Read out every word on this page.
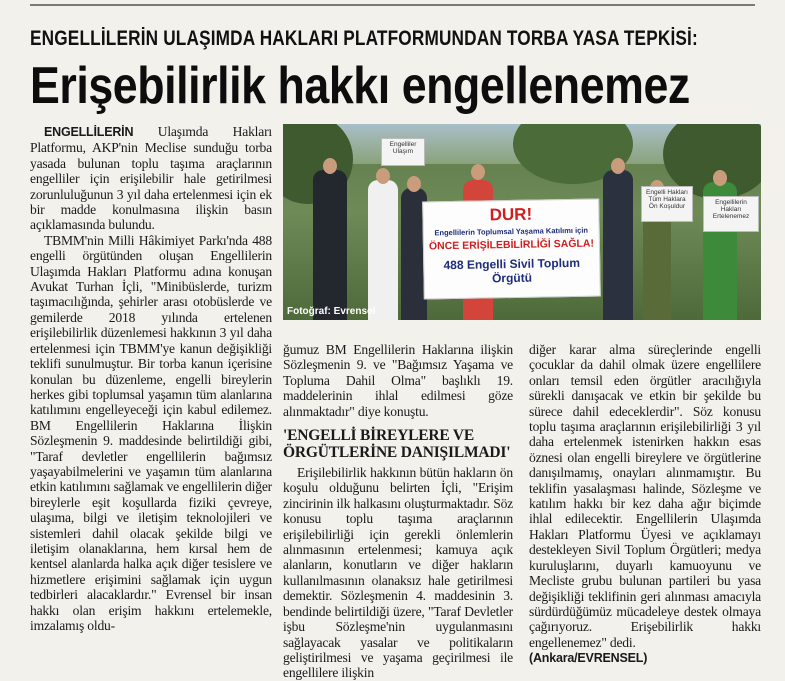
ENGELLİLERİN ULAŞIMDA HAKLARI PLATFORMUNDAN TORBA YASA TEPKİSİ:
Erişebilirlik hakkı engellenemez

ENGELLİLERİN Ulaşımda Hakları Platformu, AKP'nin Meclise sunduğu torba yasada bulunan toplu taşıma araçlarının engelliler için erişilebilir hale getirilmesi zorunluluğunun 3 yıl daha ertelenmesi için ek bir madde konulmasına ilişkin basın açıklamasında bulundu.

TBMM'nin Milli Hâkimiyet Parkı'nda 488 engelli örgütünden oluşan Engellilerin Ulaşımda Hakları Platformu adına konuşan Avukat Turhan İçli, "Minibüslerde, turizm taşımacılığında, şehirler arası otobüslerde ve gemilerde 2018 yılında ertelenen erişilebilirlik düzenlemesi hakkının 3 yıl daha ertelenmesi için TBMM'ye kanun değişikliği teklifi sunulmuştur. Bir torba kanun içerisine konulan bu düzenleme, engelli bireylerin herkes gibi toplumsal yaşamın tüm alanlarına katılımını engelleyeceği için kabul edilemez. BM Engellilerin Haklarına İlişkin Sözleşmenin 9. maddesinde belirtildiği gibi, "Taraf devletler engellilerin bağımsız yaşayabilmelerini ve yaşamın tüm alanlarına etkin katılımını sağlamak ve engellilerin diğer bireylerle eşit koşullarda fiziki çevreye, ulaşıma, bilgi ve iletişim teknolojileri ve sistemleri dahil olacak şekilde bilgi ve iletişim olanaklarına, hem kırsal hem de kentsel alanlarda halka açık diğer tesislere ve hizmetlere erişimini sağlamak için uygun tedbirleri alacaklardır." Evrensel bir insan hakkı olan erişim hakkını ertelemekle, imzalamış oldu-

Engelliler Ulaşım
Engelli Hakları Tüm Haklara Ön Koşuldur
Engellilerin Hakları Ertelenemez
DUR!
Engellilerin Toplumsal Yaşama Katılımı için
ÖNCE ERİŞİLEBİLİRLİĞİ SAĞLA!
488 Engelli Sivil Toplum Örgütü
Fotoğraf: Evrensel

ğumuz BM Engellilerin Haklarına ilişkin Sözleşmenin 9. ve "Bağımsız Yaşama ve Topluma Dahil Olma" başlıklı 19. maddelerinin ihlal edilmesi göze alınmaktadır" diye konuştu.

'ENGELLİ BİREYLERE VE ÖRGÜTLERİNE DANIŞILMADI'

Erişilebilirlik hakkının bütün hakların ön koşulu olduğunu belirten İçli, "Erişim zincirinin ilk halkasını oluşturmaktadır. Söz konusu toplu taşıma araçlarının erişilebilirliği için gerekli önlemlerin alınmasının ertelenmesi; kamuya açık alanların, konutların ve diğer hakların kullanılmasının olanaksız hale getirilmesi demektir. Sözleşmenin 4. maddesinin 3. bendinde belirtildiği üzere, "Taraf Devletler işbu Sözleşme'nin uygulanmasını sağlayacak yasalar ve politikaların geliştirilmesi ve yaşama geçirilmesi ile engellilere ilişkin

diğer karar alma süreçlerinde engelli çocuklar da dahil olmak üzere engellilere onları temsil eden örgütler aracılığıyla sürekli danışacak ve etkin bir şekilde bu sürece dahil edeceklerdir". Söz konusu toplu taşıma araçlarının erişilebilirliği 3 yıl daha ertelenmek istenirken hakkın esas öznesi olan engelli bireylere ve örgütlerine danışılmamış, onayları alınmamıştır. Bu teklifin yasalaşması halinde, Sözleşme ve katılım hakkı bir kez daha ağır biçimde ihlal edilecektir. Engellilerin Ulaşımda Hakları Platformu Üyesi ve açıklamayı destekleyen Sivil Toplum Örgütleri; medya kuruluşlarını, duyarlı kamuoyunu ve Mecliste grubu bulunan partileri bu yasa değişikliği teklifinin geri alınması amacıyla sürdürdüğümüz mücadeleye destek olmaya çağırıyoruz. Erişebilirlik hakkı engellenemez" dedi.

(Ankara/EVRENSEL)
